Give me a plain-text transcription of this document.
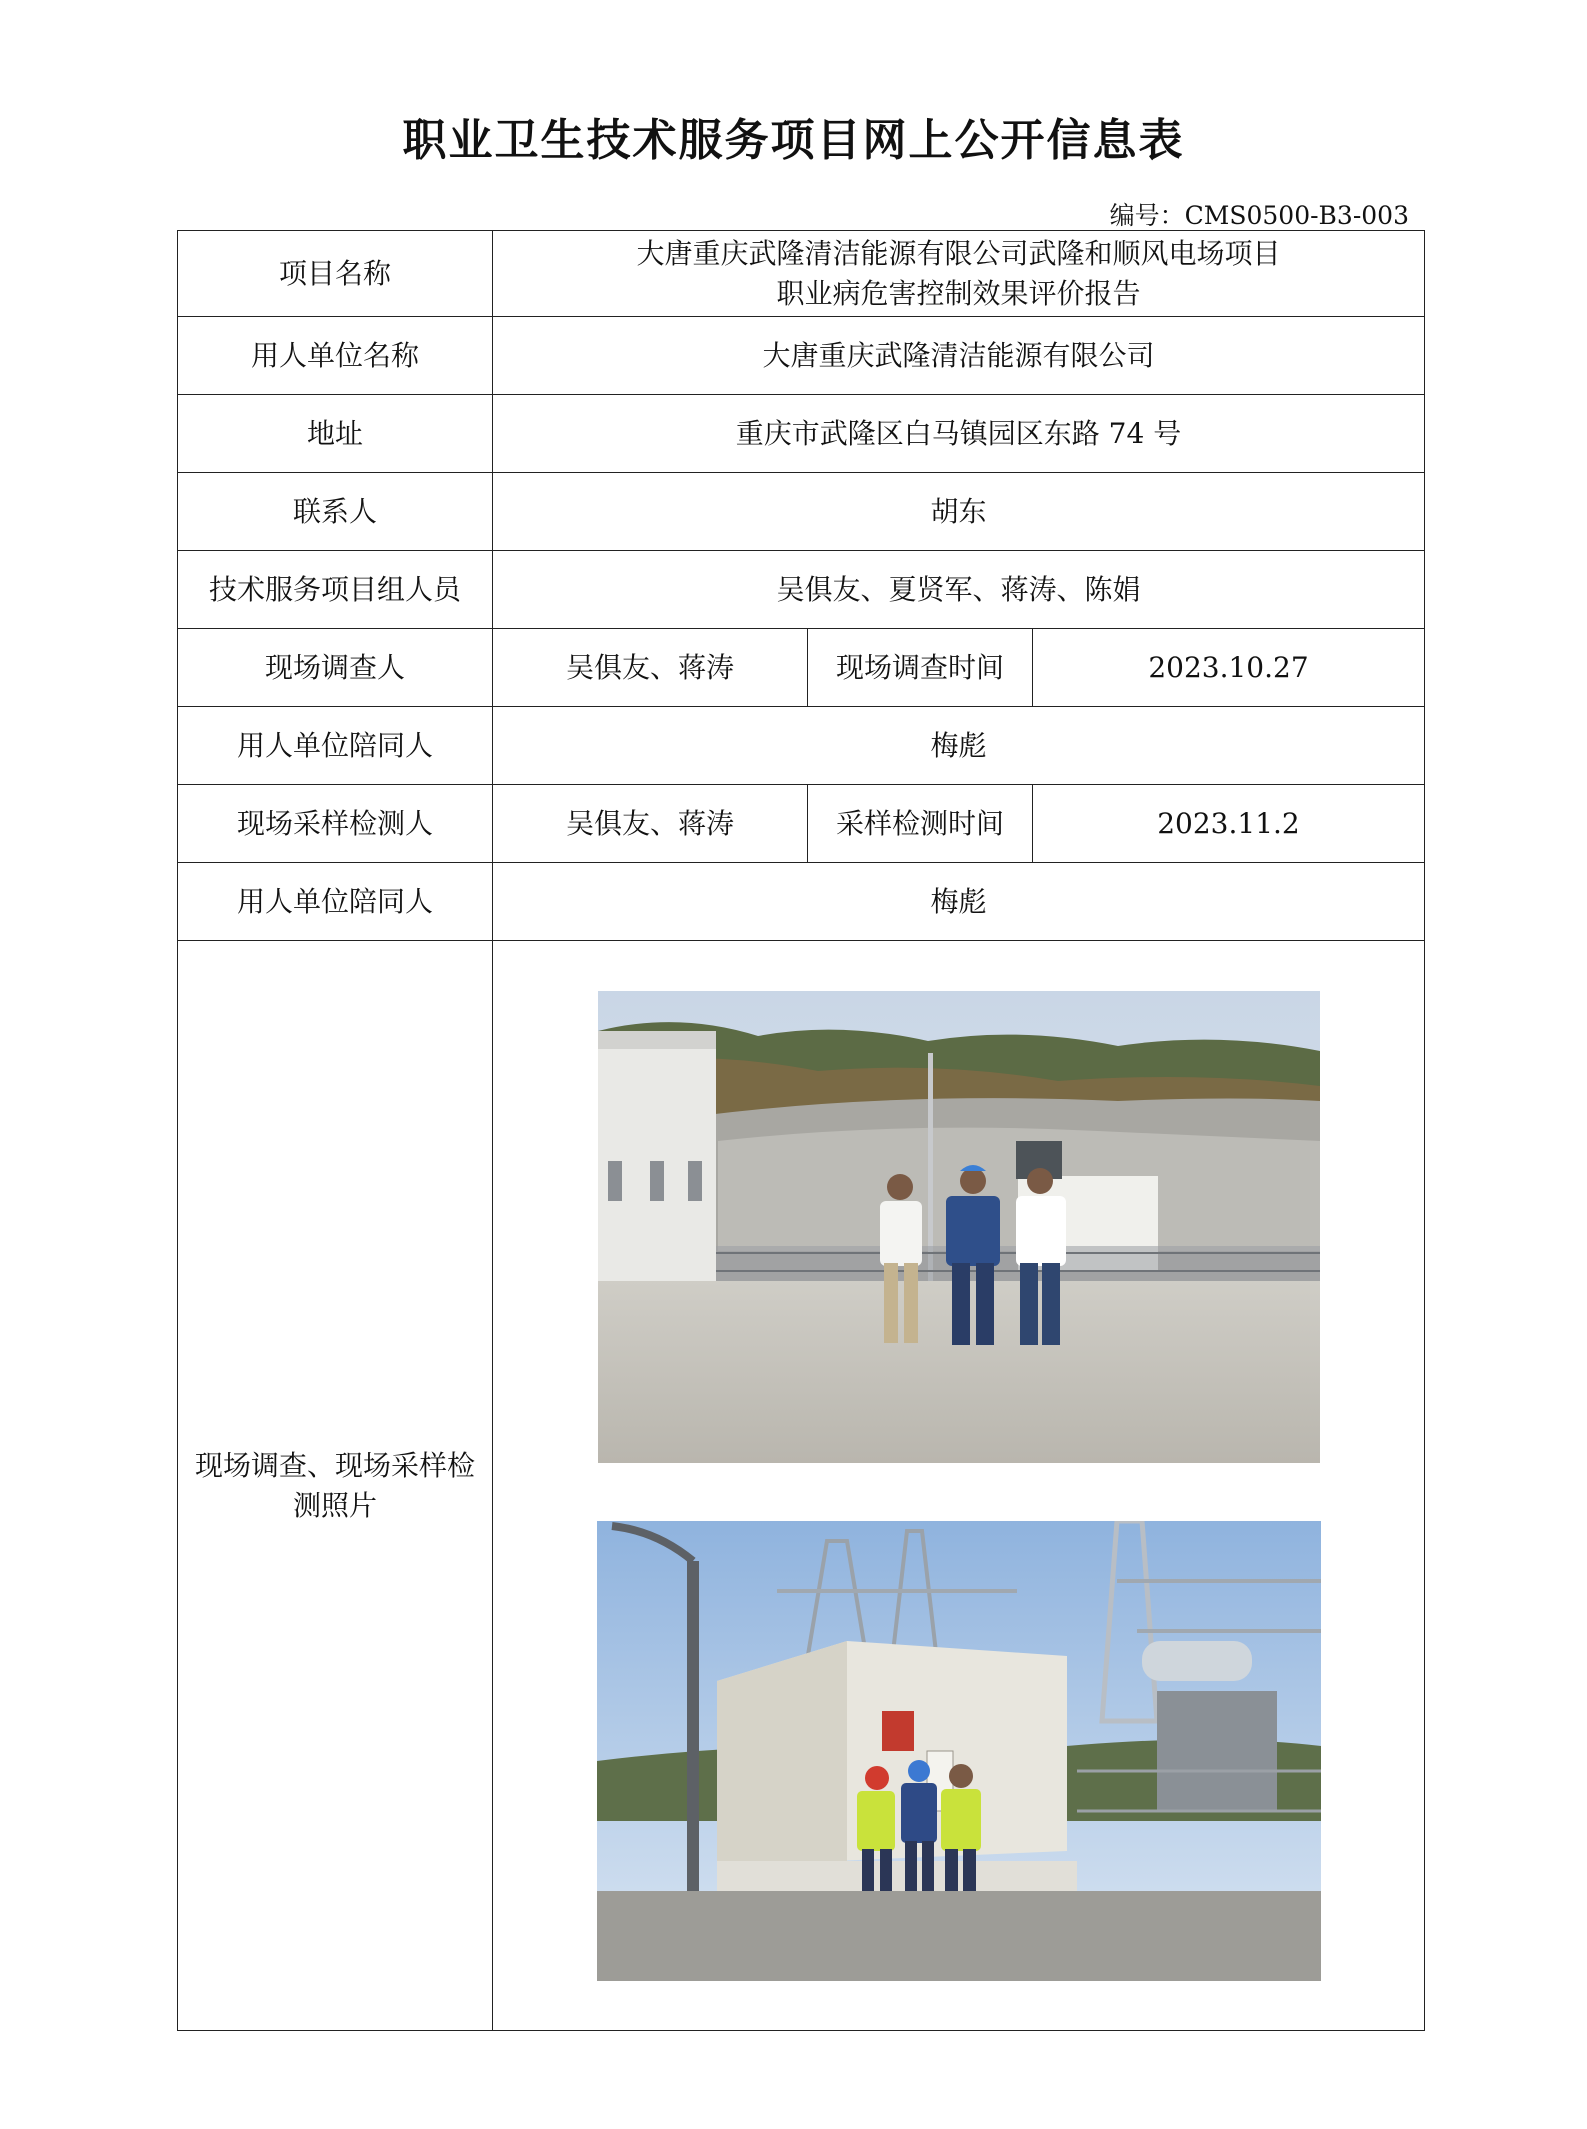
职业卫生技术服务项目网上公开信息表
编号：CMS0500-B3-003
项目名称	大唐重庆武隆清洁能源有限公司武隆和顺风电场项目
职业病危害控制效果评价报告		

用人单位名称	大唐重庆武隆清洁能源有限公司		
地址	重庆市武隆区白马镇园区东路 74 号		
联系人	胡东		
技术服务项目组人员	吴俱友、夏贤军、蒋涛、陈娟		
现场调查人	吴俱友、蒋涛	现场调查时间	2023.10.27
用人单位陪同人	梅彪		
现场采样检测人	吴俱友、蒋涛	采样检测时间	2023.11.2
用人单位陪同人	梅彪		
现场调查、现场采样检测照片	
